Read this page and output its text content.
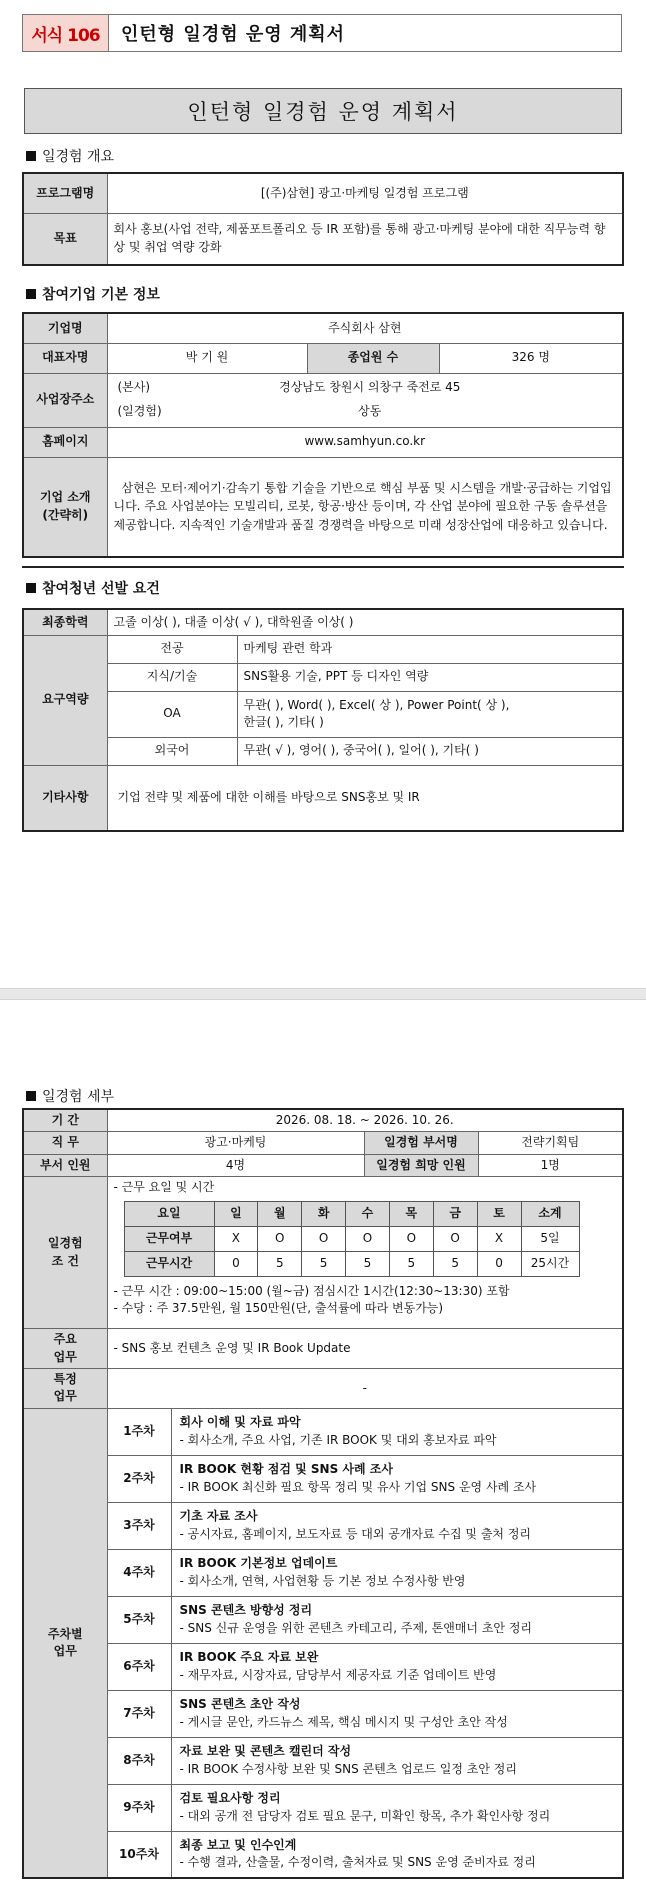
서식 106	인턴형 일경험 운영 계획서
인턴형 일경험 운영 계획서
일경험 개요
프로그램명	[(주)삼현] 광고·마케팅 일경험 프로그램
목표	회사 홍보(사업 전략, 제품포트폴리오 등 IR 포함)를 통해 광고·마케팅 분야에 대한 직무능력 향상 및 취업 역량 강화
참여기업 기본 정보
기업명	주식회사 삼현		
대표자명	박 기 원	종업원 수	326 명
사업장주소	(본사) 경상남도 창원시 의창구 죽전로 45
(일경험) 상동		

홈페이지	www.samhyun.co.kr		

기업 소개
(간략히)	삼현은 모터·제어기·감속기 통합 기술을 기반으로 핵심 부품 및 시스템을 개발·공급하는 기업입니다. 주요 사업분야는 모빌리티, 로봇, 항공·방산 등이며, 각 산업 분야에 필요한 구동 솔루션을 제공합니다. 지속적인 기술개발과 품질 경쟁력을 바탕으로 미래 성장산업에 대응하고 있습니다.		
참여청년 선발 요건
최종학력	고졸 이상( ), 대졸 이상( √ ), 대학원졸 이상( )	
요구역량	전공	마케팅 관련 학과
	지식/기술	SNS활용 기술, PPT 등 디자인 역량
	OA	무관( ), Word( ), Excel( 상 ), Power Point( 상 ),
한글( ), 기타( )

	외국어	무관( √ ), 영어( ), 중국어( ), 일어( ), 기타( )
기타사항	기업 전략 및 제품에 대한 이해를 바탕으로 SNS홍보 및 IR	
일경험 세부
기 간	2026. 08. 18. ~ 2026. 10. 26.
직 무	광고·마케팅	일경험 부서명	전략기획팀
부서 인원	4명	일경험 희망 인원	1명

일경험
조 건

- 근무 요일 및 시간
요일	일	월	화	수	목	금	토	소계
근무여부	X	O	O	O	O	O	X	5일
근무시간	0	5	5	5	5	5	0	25시간
- 근무 시간 : 09:00~15:00 (월~금) 점심시간 1시간(12:30~13:30) 포함
- 수당 : 주 37.5만원, 월 150만원(단, 출석률에 따라 변동가능)

주요
업무
	- SNS 홍보 컨텐츠 운영 및 IR Book Update

특정
업무
	-

주차별
업무
	1주차	
회사 이해 및 자료 파악
- 회사소개, 주요 사업, 기존 IR BOOK 및 대외 홍보자료 파악

2주차	
IR BOOK 현황 점검 및 SNS 사례 조사
- IR BOOK 최신화 필요 항목 정리 및 유사 기업 SNS 운영 사례 조사

3주차	
기초 자료 조사
- 공시자료, 홈페이지, 보도자료 등 대외 공개자료 수집 및 출처 정리

4주차	
IR BOOK 기본정보 업데이트
- 회사소개, 연혁, 사업현황 등 기본 정보 수정사항 반영

5주차	
SNS 콘텐츠 방향성 정리
- SNS 신규 운영을 위한 콘텐츠 카테고리, 주제, 톤앤매너 초안 정리

6주차	
IR BOOK 주요 자료 보완
- 재무자료, 시장자료, 담당부서 제공자료 기준 업데이트 반영

7주차	
SNS 콘텐츠 초안 작성
- 게시글 문안, 카드뉴스 제목, 핵심 메시지 및 구성안 초안 작성

8주차	
자료 보완 및 콘텐츠 캘린더 작성
- IR BOOK 수정사항 보완 및 SNS 콘텐츠 업로드 일정 초안 정리

9주차	
검토 필요사항 정리
- 대외 공개 전 담당자 검토 필요 문구, 미확인 항목, 추가 확인사항 정리

10주차	
최종 보고 및 인수인계
- 수행 결과, 산출물, 수정이력, 출처자료 및 SNS 운영 준비자료 정리
